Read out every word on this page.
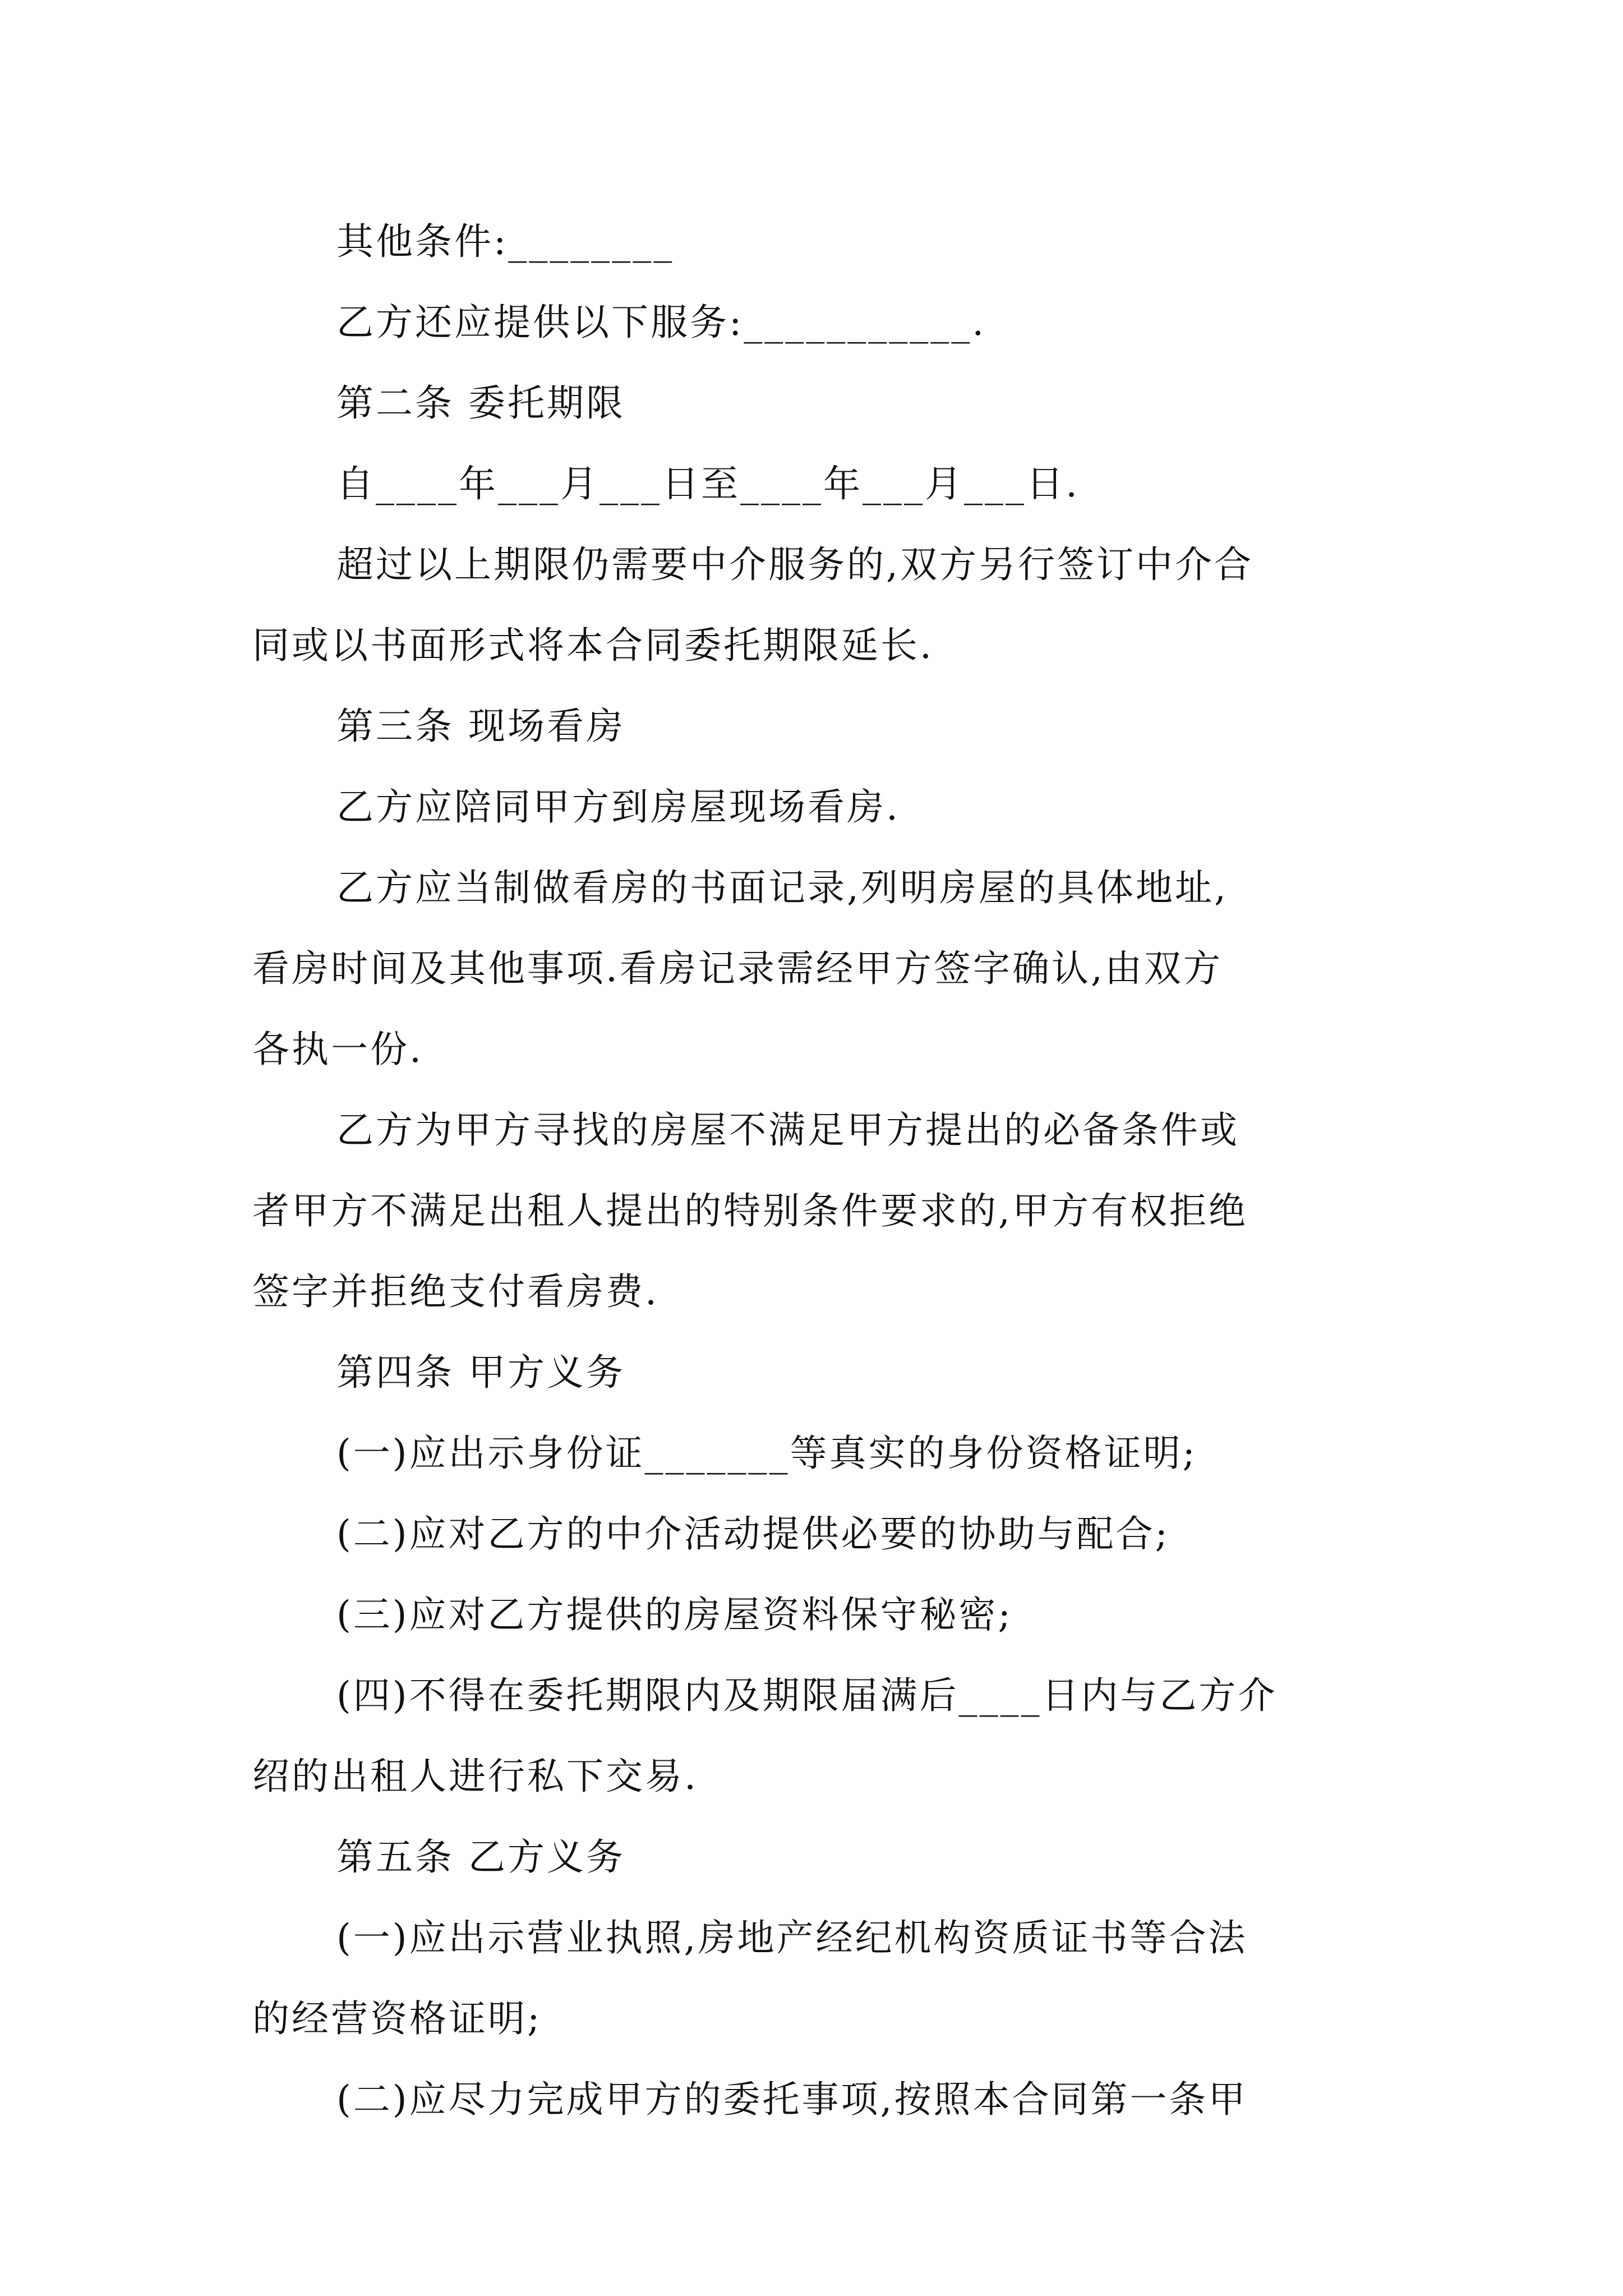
其他条件:________
乙方还应提供以下服务:___________.
第二条 委托期限
自____年___月___日至____年___月___日.
超过以上期限仍需要中介服务的,双方另行签订中介合
同或以书面形式将本合同委托期限延长.
第三条 现场看房
乙方应陪同甲方到房屋现场看房.
乙方应当制做看房的书面记录,列明房屋的具体地址,
看房时间及其他事项.看房记录需经甲方签字确认,由双方
各执一份.
乙方为甲方寻找的房屋不满足甲方提出的必备条件或
者甲方不满足出租人提出的特别条件要求的,甲方有权拒绝
签字并拒绝支付看房费.
第四条 甲方义务
(一)应出示身份证_______等真实的身份资格证明;
(二)应对乙方的中介活动提供必要的协助与配合;
(三)应对乙方提供的房屋资料保守秘密;
(四)不得在委托期限内及期限届满后____日内与乙方介
绍的出租人进行私下交易.
第五条 乙方义务
(一)应出示营业执照,房地产经纪机构资质证书等合法
的经营资格证明;
(二)应尽力完成甲方的委托事项,按照本合同第一条甲
